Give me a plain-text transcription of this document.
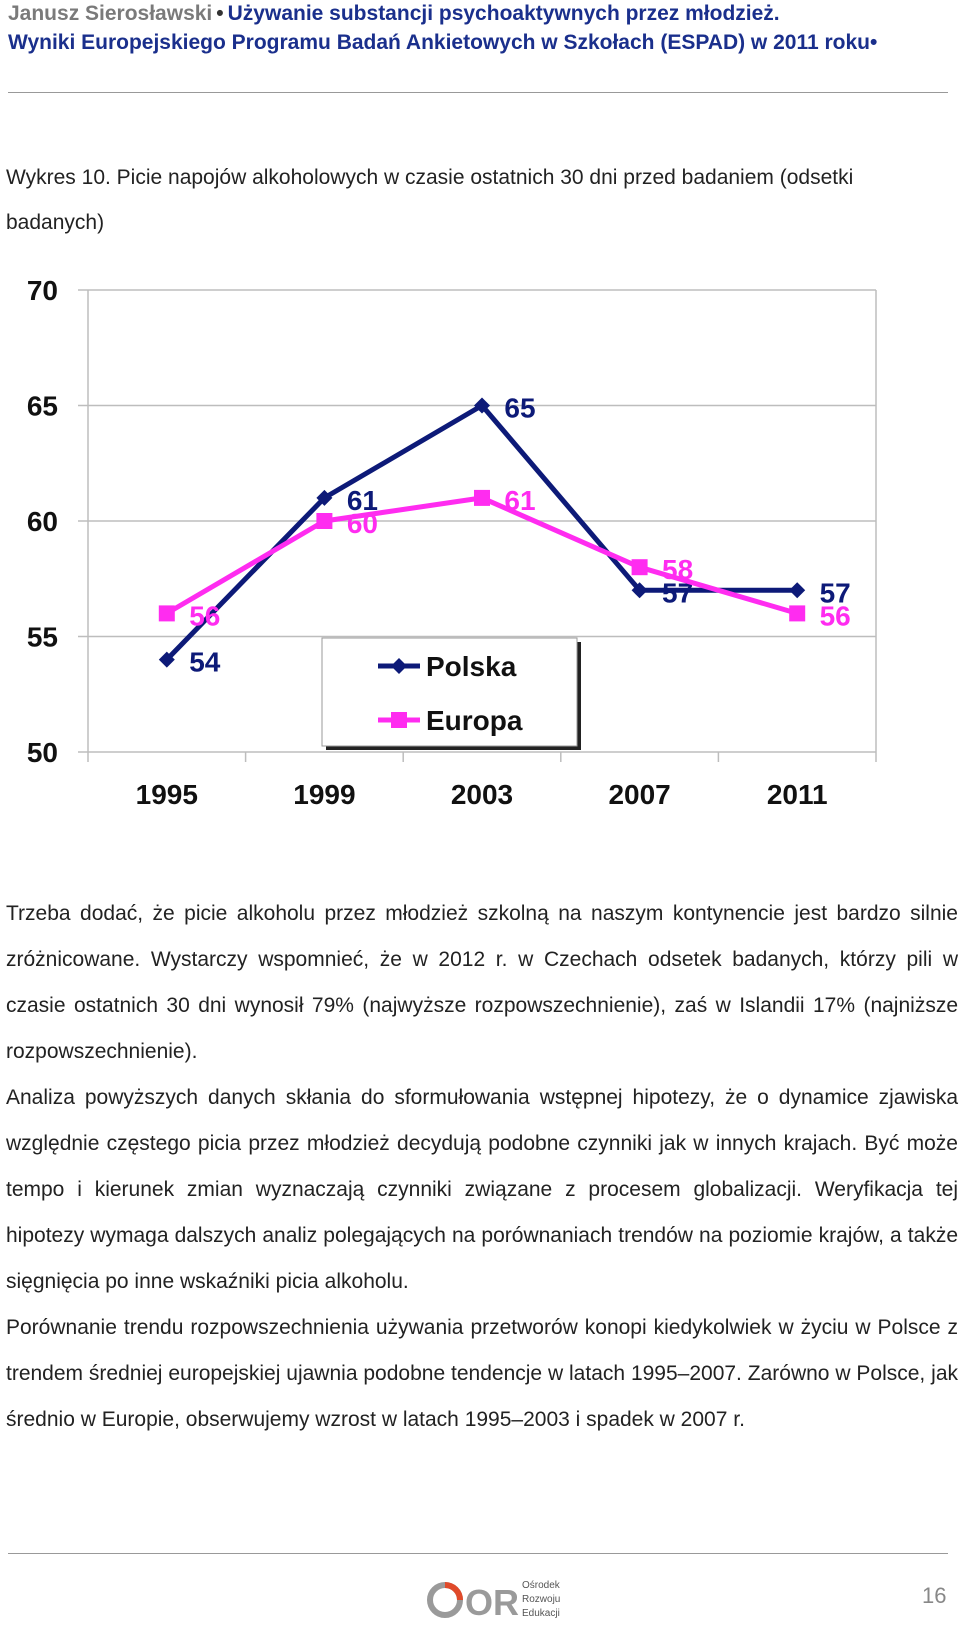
Janusz Sierosławski • Używanie substancji psychoaktywnych przez młodzież.
Wyniki Europejskiego Programu Badań Ankietowych w Szkołach (ESPAD) w 2011 roku•
Wykres 10. Picie napojów alkoholowych w czasie ostatnich 30 dni przed badaniem (odsetki badanych)
50
55
60
65
70
1995	1999	2003	2007	2011
54
61
65
57	57
Polska
56
60
61
58
56
Europa

Trzeba dodać, że picie alkoholu przez młodzież szkolną na naszym kontynencie jest bardzo silnie zróżnicowane. Wystarczy wspomnieć, że w 2012 r. w Czechach odsetek badanych, którzy pili w czasie ostatnich 30 dni wynosił 79% (najwyższe rozpowszechnienie), zaś w Islandii 17% (najniższe rozpowszechnienie).

Analiza powyższych danych skłania do sformułowania wstępnej hipotezy, że o dynamice zjawiska względnie częstego picia przez młodzież decydują podobne czynniki jak w innych krajach. Być może tempo i kierunek zmian wyznaczają czynniki związane z procesem globalizacji. Weryfikacja tej hipotezy wymaga dalszych analiz polegających na porównaniach trendów na poziomie krajów, a także sięgnięcia po inne wskaźniki picia alkoholu.

Porównanie trendu rozpowszechnienia używania przetworów konopi kiedykolwiek w życiu w Polsce z trendem średniej europejskiej ujawnia podobne tendencje w latach 1995–2007. Zarówno w Polsce, jak średnio w Europie, obserwujemy wzrost w latach 1995–2003 i spadek w 2007 r.

OR Ośrodek
Rozwoju
Edukacji
16
